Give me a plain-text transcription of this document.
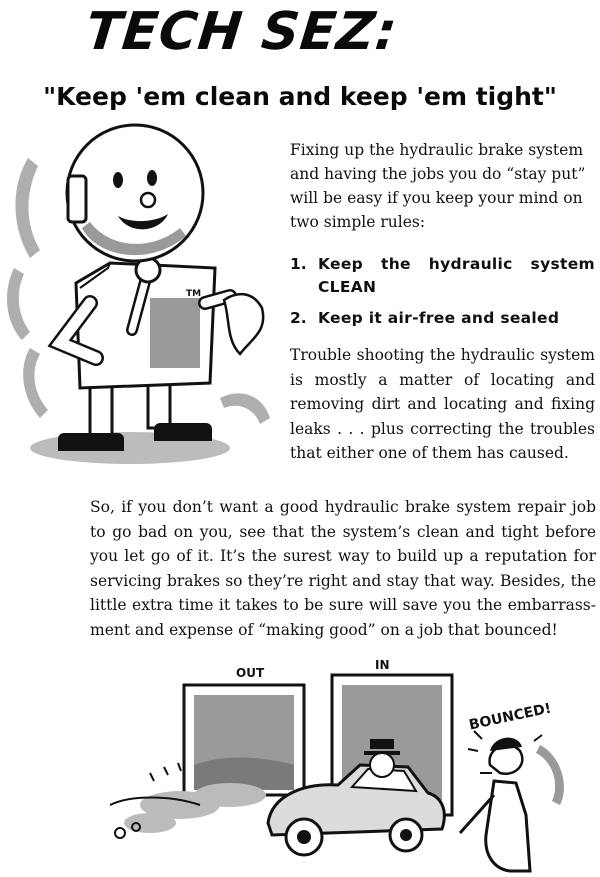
TECH SEZ:
"Keep 'em clean and keep 'em tight"
TM

Fixing up the hydraulic brake system and having the jobs you do “stay put” will be easy if you keep your mind on two simple rules:

1. Keep the hydraulic system CLEAN
2. Keep it air-free and sealed

Trouble shooting the hydraulic system is mostly a matter of locating and removing dirt and locating and fixing leaks . . . plus correcting the troubles that either one of them has caused.

So, if you don’t want a good hydraulic brake system repair job to go bad on you, see that the system’s clean and tight before you let go of it. It’s the surest way to build up a reputation for servicing brakes so they’re right and stay that way. Besides, the little extra time it takes to be sure will save you the embarrass- ment and expense of “making good” on a job that bounced!

OUT
IN
BOUNCED!
